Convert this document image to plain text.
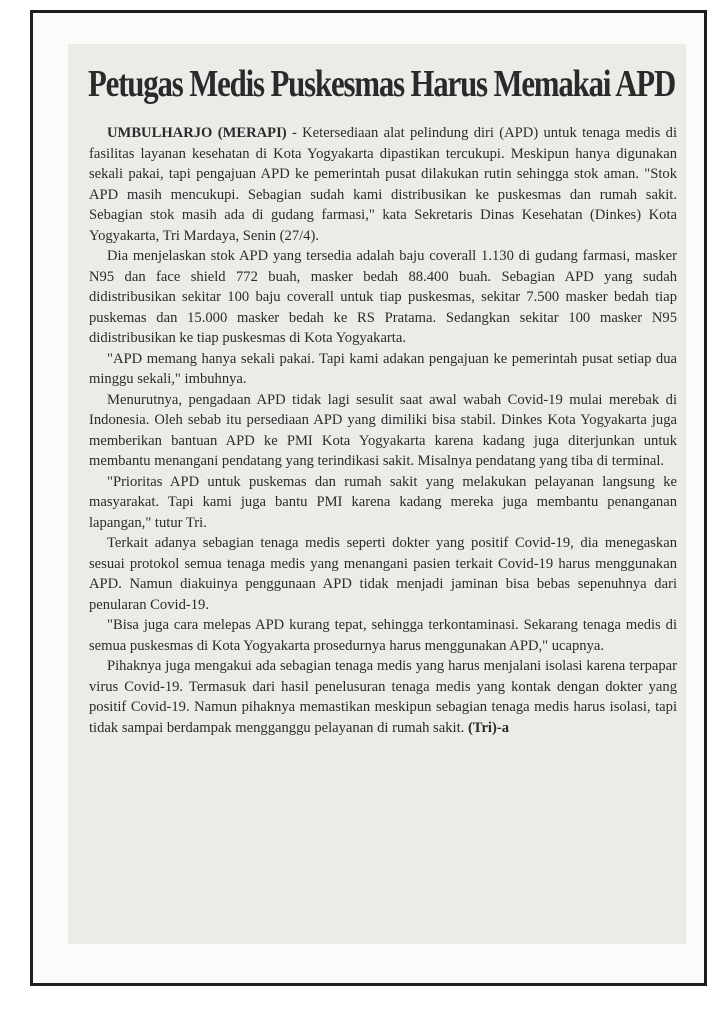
Petugas Medis Puskesmas Harus Memakai APD

UMBULHARJO (MERAPI) - Ketersediaan alat pelindung diri (APD) untuk tenaga medis di fasilitas layanan kesehatan di Kota Yogyakarta dipastikan tercukupi. Meskipun hanya digunakan sekali pakai, tapi pengajuan APD ke pemerintah pusat dilakukan rutin sehingga stok aman. "Stok APD masih mencukupi. Sebagian sudah kami distribusikan ke puskesmas dan rumah sakit. Sebagian stok masih ada di gudang farmasi," kata Sekretaris Dinas Kesehatan (Dinkes) Kota Yogyakarta, Tri Mardaya, Senin (27/4).

Dia menjelaskan stok APD yang tersedia adalah baju coverall 1.130 di gudang farmasi, masker N95 dan face shield 772 buah, masker bedah 88.400 buah. Sebagian APD yang sudah didistribusikan sekitar 100 baju coverall untuk tiap puskesmas, sekitar 7.500 masker bedah tiap puskemas dan 15.000 masker bedah ke RS Pratama. Sedangkan sekitar 100 masker N95 didistribusikan ke tiap puskesmas di Kota Yogyakarta.

"APD memang hanya sekali pakai. Tapi kami adakan pengajuan ke pemerintah pusat setiap dua minggu sekali," imbuhnya.

Menurutnya, pengadaan APD tidak lagi sesulit saat awal wabah Covid-19 mulai merebak di Indonesia. Oleh sebab itu persediaan APD yang dimiliki bisa stabil. Dinkes Kota Yogyakarta juga memberikan bantuan APD ke PMI Kota Yogyakarta karena kadang juga diterjunkan untuk membantu menangani pendatang yang terindikasi sakit. Misalnya pendatang yang tiba di terminal.

"Prioritas APD untuk puskemas dan rumah sakit yang melakukan pelayanan langsung ke masyarakat. Tapi kami juga bantu PMI karena kadang mereka juga membantu penanganan lapangan," tutur Tri.

Terkait adanya sebagian tenaga medis seperti dokter yang positif Covid-19, dia menegaskan sesuai protokol semua tenaga medis yang menangani pasien terkait Covid-19 harus menggunakan APD. Namun diakuinya penggunaan APD tidak menjadi jaminan bisa bebas sepenuhnya dari penularan Covid-19.

"Bisa juga cara melepas APD kurang tepat, sehingga terkontaminasi. Sekarang tenaga medis di semua puskesmas di Kota Yogyakarta prosedurnya harus menggunakan APD," ucapnya.

Pihaknya juga mengakui ada sebagian tenaga medis yang harus menjalani isolasi karena terpapar virus Covid-19. Termasuk dari hasil penelusuran tenaga medis yang kontak dengan dokter yang positif Covid-19. Namun pihaknya memastikan meskipun sebagian tenaga medis harus isolasi, tapi tidak sampai berdampak mengganggu pelayanan di rumah sakit. (Tri)-a
